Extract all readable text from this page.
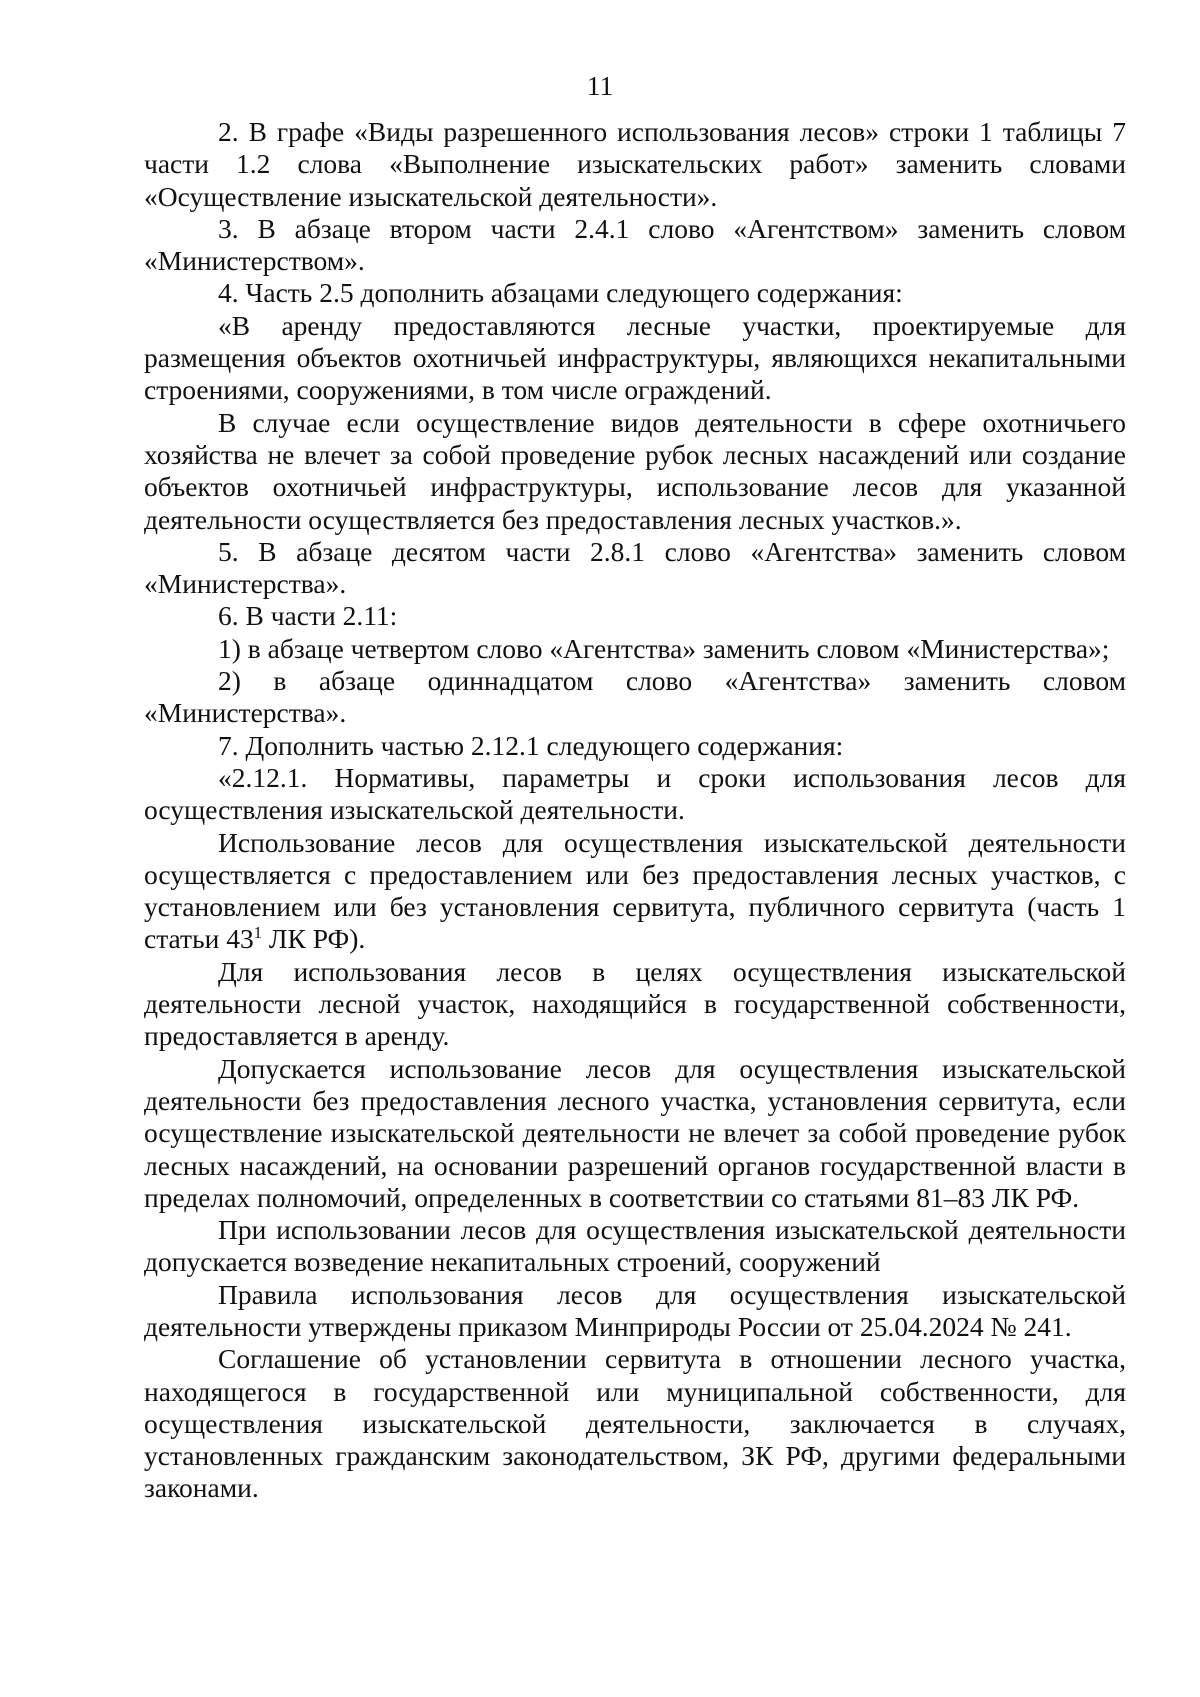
11

2. В графе «Виды разрешенного использования лесов» строки 1 таблицы 7 части 1.2 слова «Выполнение изыскательских работ» заменить словами «Осуществление изыскательской деятельности».

3. В абзаце втором части 2.4.1 слово «Агентством» заменить словом «Министерством».

4. Часть 2.5 дополнить абзацами следующего содержания:

«В аренду предоставляются лесные участки, проектируемые для размещения объектов охотничьей инфраструктуры, являющихся некапитальными строениями, сооружениями, в том числе ограждений.

В случае если осуществление видов деятельности в сфере охотничьего хозяйства не влечет за собой проведение рубок лесных насаждений или создание объектов охотничьей инфраструктуры, использование лесов для указанной деятельности осуществляется без предоставления лесных участков.».

5. В абзаце десятом части 2.8.1 слово «Агентства» заменить словом «Министерства».

6. В части 2.11:

1) в абзаце четвертом слово «Агентства» заменить словом «Министерства»;

2) в абзаце одиннадцатом слово «Агентства» заменить словом «Министерства».

7. Дополнить частью 2.12.1 следующего содержания:

«2.12.1. Нормативы, параметры и сроки использования лесов для осуществления изыскательской деятельности.

Использование лесов для осуществления изыскательской деятельности осуществляется с предоставлением или без предоставления лесных участков, с установлением или без установления сервитута, публичного сервитута (часть 1 статьи $43^1$ ЛК РФ).

Для использования лесов в целях осуществления изыскательской деятельности лесной участок, находящийся в государственной собственности, предоставляется в аренду.

Допускается использование лесов для осуществления изыскательской деятельности без предоставления лесного участка, установления сервитута, если осуществление изыскательской деятельности не влечет за собой проведение рубок лесных насаждений, на основании разрешений органов государственной власти в пределах полномочий, определенных в соответствии со статьями 81–83 ЛК РФ.

При использовании лесов для осуществления изыскательской деятельности допускается возведение некапитальных строений, сооружений

Правила использования лесов для осуществления изыскательской деятельности утверждены приказом Минприроды России от 25.04.2024 № 241.

Соглашение об установлении сервитута в отношении лесного участка, находящегося в государственной или муниципальной собственности, для осуществления изыскательской деятельности, заключается в случаях, установленных гражданским законодательством, ЗК РФ, другими федеральными законами.
